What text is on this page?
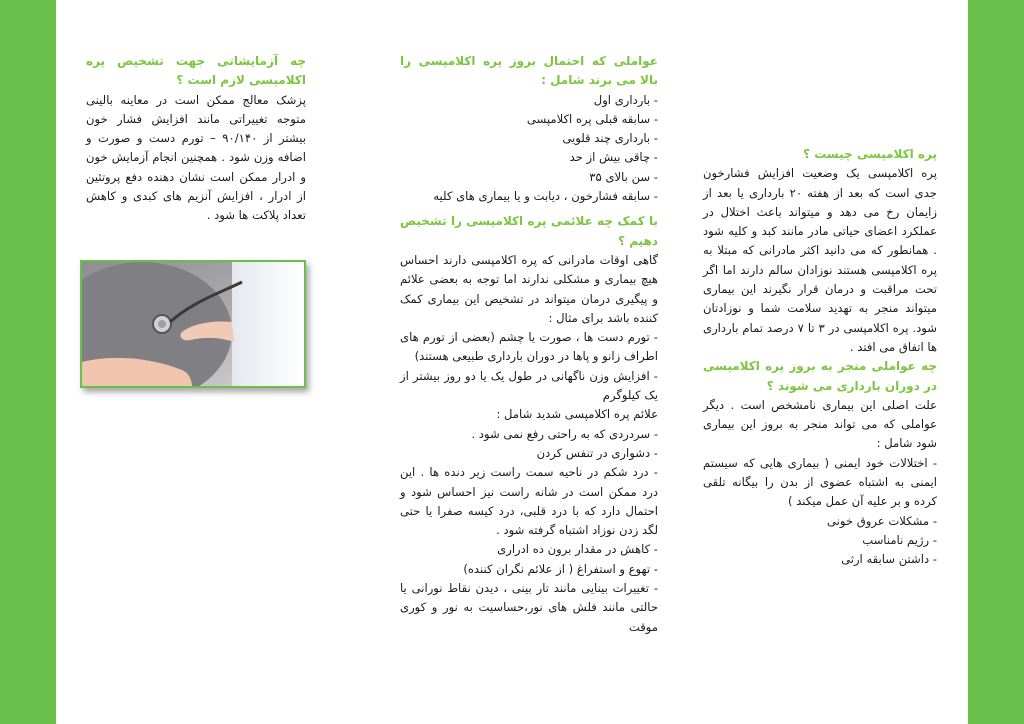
چه آزمایشاتی جهت تشخیص پره اکلامپسی لازم است ؟

پزشک معالج ممکن است در معاینه بالینی متوجه تغییراتی مانند افزایش فشار خون بیشتر از ۹۰/۱۴۰ – تورم دست و صورت و اضافه وزن شود . همچنین انجام آزمایش خون و ادرار ممکن است نشان دهنده دفع پروتئین از ادرار ، افزایش آنزیم های کبدی و کاهش تعداد پلاکت ها شود .

عواملی که احتمال بروز پره اکلامپسی را بالا می برند شامل :

- بارداری اول

- سابقه قبلی پره اکلامپسی

- بارداری چند قلویی

- چاقی بیش از حد

- سن بالای ۳۵

- سابقه فشارخون ، دیابت و یا بیماری های کلیه

با کمک چه علائمی پره اکلامپسی را تشخیص دهیم ؟

گاهی اوقات مادرانی که پره اکلامپسی دارند احساس هیچ بیماری و مشکلی ندارند اما توجه به بعضی علائم و پیگیری درمان میتواند در تشخیص این بیماری کمک کننده باشد برای مثال :

- تورم دست ها ، صورت یا چشم (بعضی از تورم های اطراف زانو و پاها در دوران بارداری طبیعی هستند)

- افزایش وزن ناگهانی در طول یک یا دو روز بیشتر از یک کیلوگرم

علائم پره اکلامپسی شدید شامل :

- سردردی که به راحتی رفع نمی شود .

- دشواری در تنفس کردن

- درد شکم در ناحیه سمت راست زیر دنده ها . این درد ممکن است در شانه راست نیز احساس شود و احتمال دارد که با درد قلبی، درد کیسه صفرا یا حتی لگد زدن نوزاد اشتباه گرفته شود .

- کاهش در مقدار برون ده ادراری

- تهوع و استفراغ ( از علائم نگران کننده)

- تغییرات بینایی مانند تار بینی ، دیدن نقاط نورانی یا حالتی مانند فلش های نور،حساسیت به نور و کوری موقت

پره اکلامپسی چیست ؟

پره اکلامپسی یک وضعیت افزایش فشارخون جدی است که بعد از هفته ۲۰ بارداری یا بعد از زایمان رخ می دهد و میتواند باعث اختلال در عملکرد اعضای حیاتی مادر مانند کبد و کلیه شود . همانطور که می دانید اکثر مادرانی که مبتلا به پره اکلامپسی هستند نوزادان سالم دارند اما اگر تحت مراقبت و درمان قرار نگیرند این بیماری میتواند منجر به تهدید سلامت شما و نوزادتان شود. پره اکلامپسی در ۳ تا ۷ درصد تمام بارداری ها اتفاق می افتد .

چه عواملی منجر به بروز پره اکلامپسی در دوران بارداری می شوند ؟

علت اصلی این بیماری نامشخص است . دیگر عواملی که می تواند منجر به بروز این بیماری شود شامل :

- اختلالات خود ایمنی ( بیماری هایی که سیستم ایمنی به اشتباه عضوی از بدن را بیگانه تلقی کرده و بر علیه آن عمل میکند )

- مشکلات عروق خونی

- رژیم نامناسب

- داشتن سابقه ارثی
